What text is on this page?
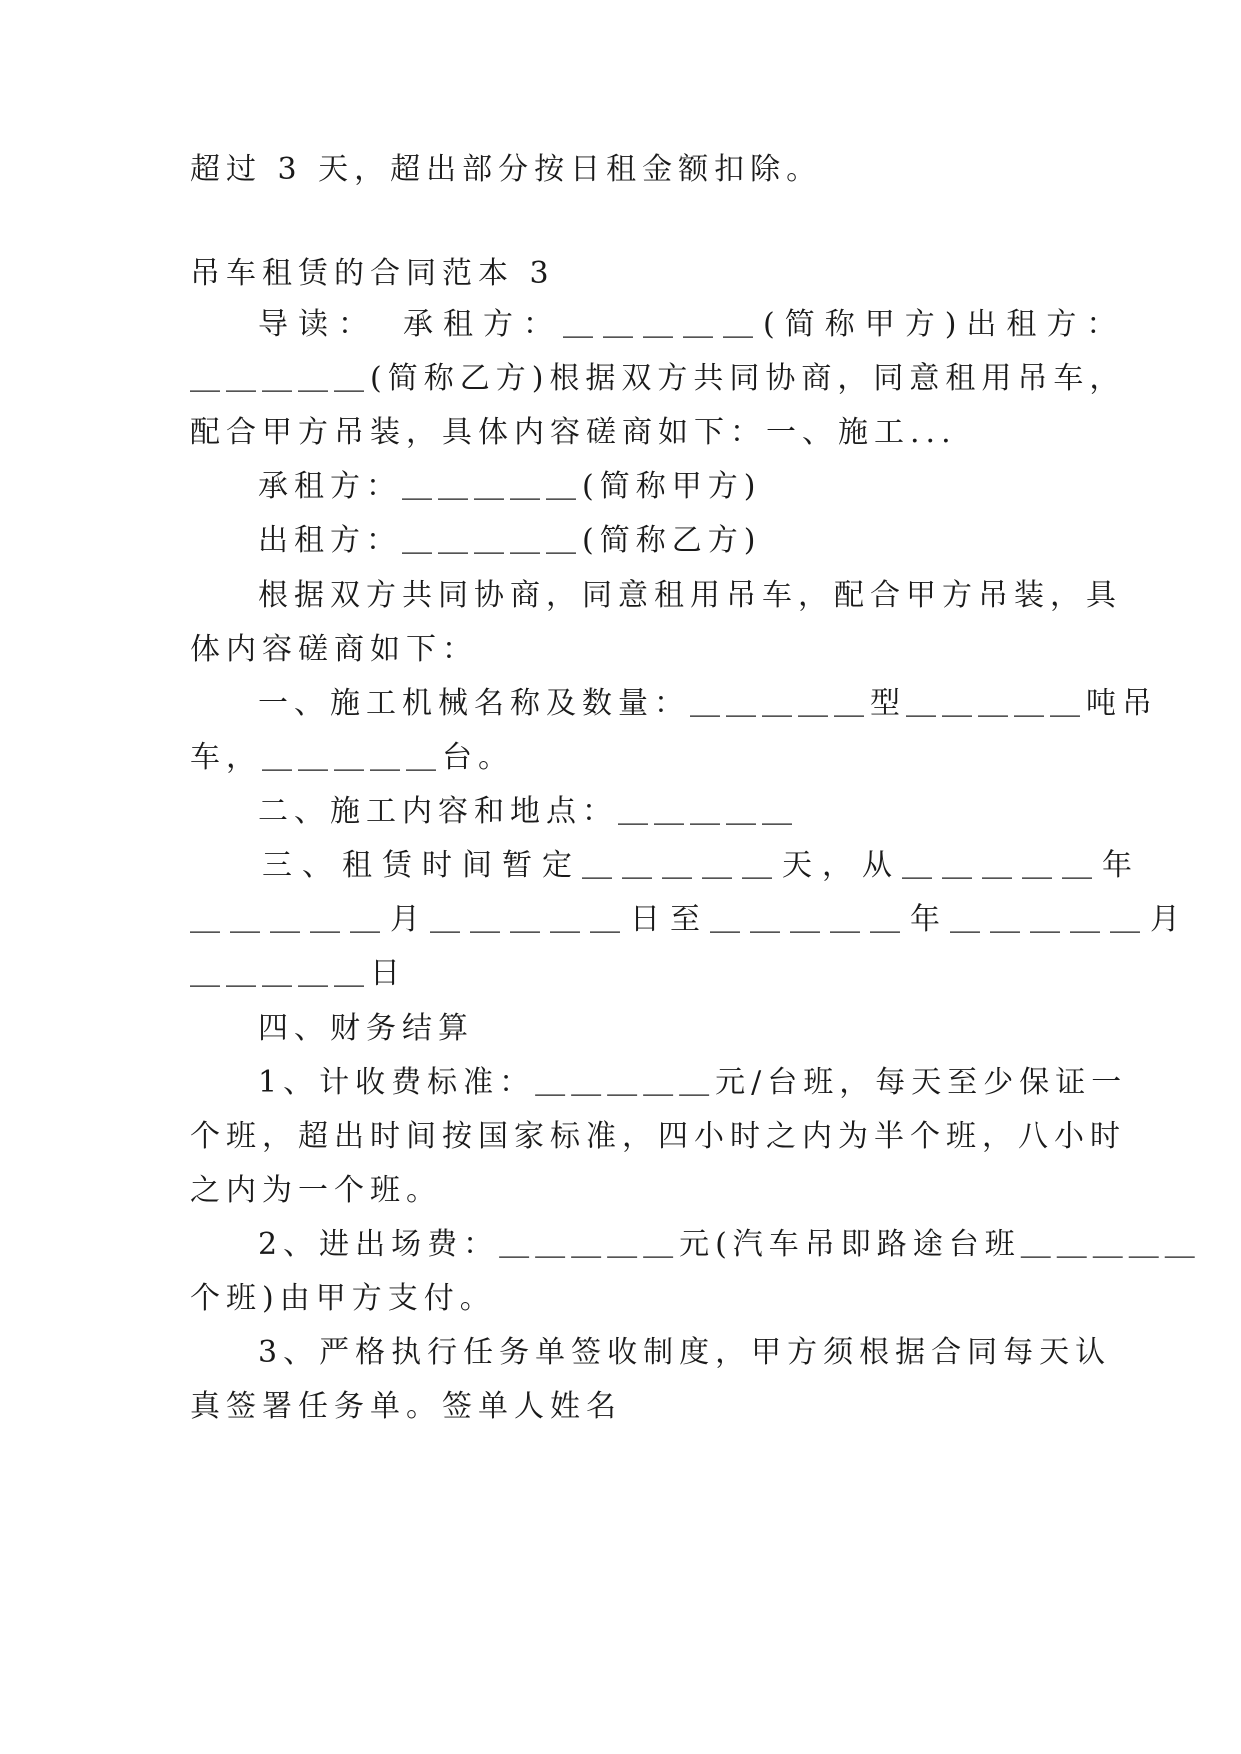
超过 3 天，超出部分按日租金额扣除。
吊车租赁的合同范本 3
导读：　承租方：＿＿＿＿＿(简称甲方)出租方：
＿＿＿＿＿(简称乙方)根据双方共同协商，同意租用吊车，
配合甲方吊装，具体内容磋商如下：一、施工...
承租方：＿＿＿＿＿(简称甲方)
出租方：＿＿＿＿＿(简称乙方)
根据双方共同协商，同意租用吊车，配合甲方吊装，具
体内容磋商如下：
一、施工机械名称及数量：＿＿＿＿＿型＿＿＿＿＿吨吊
车，＿＿＿＿＿台。
二、施工内容和地点：＿＿＿＿＿
三、租赁时间暂定＿＿＿＿＿天，从＿＿＿＿＿年
＿＿＿＿＿月＿＿＿＿＿日至＿＿＿＿＿年＿＿＿＿＿月
＿＿＿＿＿日
四、财务结算
1、计收费标准：＿＿＿＿＿元/台班，每天至少保证一
个班，超出时间按国家标准，四小时之内为半个班，八小时
之内为一个班。
2、进出场费：＿＿＿＿＿元(汽车吊即路途台班＿＿＿＿＿
个班)由甲方支付。
3、严格执行任务单签收制度，甲方须根据合同每天认
真签署任务单。签单人姓名
